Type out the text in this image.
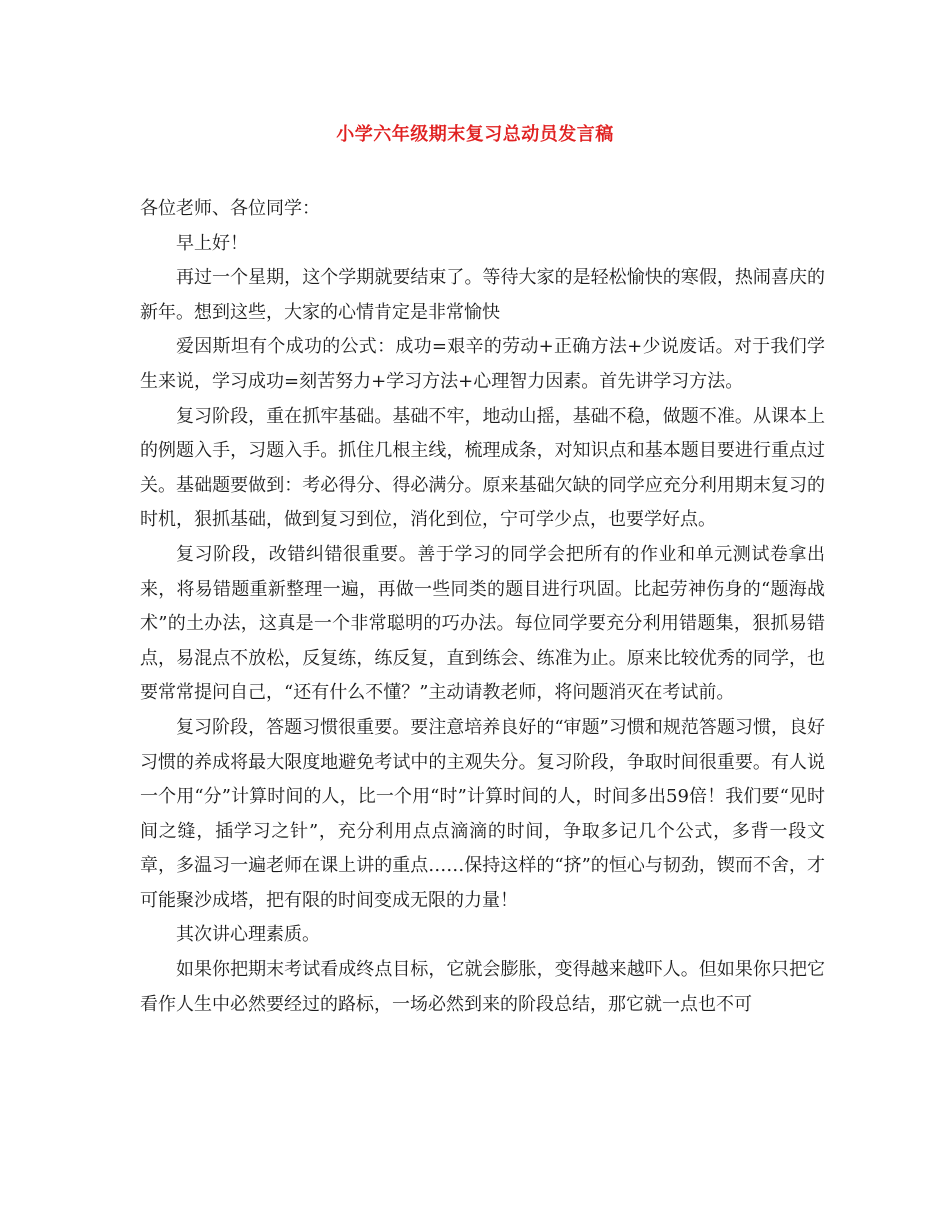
小学六年级期末复习总动员发言稿

各位老师、各位同学：

早上好！

再过一个星期，这个学期就要结束了。等待大家的是轻松愉快的寒假，热闹喜庆的新年。想到这些，大家的心情肯定是非常愉快

爱因斯坦有个成功的公式：成功=艰辛的劳动+正确方法+少说废话。对于我们学生来说，学习成功=刻苦努力+学习方法+心理智力因素。首先讲学习方法。

复习阶段，重在抓牢基础。基础不牢，地动山摇，基础不稳，做题不准。从课本上的例题入手，习题入手。抓住几根主线，梳理成条，对知识点和基本题目要进行重点过关。基础题要做到：考必得分、得必满分。原来基础欠缺的同学应充分利用期末复习的时机，狠抓基础，做到复习到位，消化到位，宁可学少点，也要学好点。

复习阶段，改错纠错很重要。善于学习的同学会把所有的作业和单元测试卷拿出来，将易错题重新整理一遍，再做一些同类的题目进行巩固。比起劳神伤身的“题海战术”的土办法，这真是一个非常聪明的巧办法。每位同学要充分利用错题集，狠抓易错点，易混点不放松，反复练，练反复，直到练会、练准为止。原来比较优秀的同学，也要常常提问自己，“还有什么不懂？”主动请教老师，将问题消灭在考试前。

复习阶段，答题习惯很重要。要注意培养良好的“审题”习惯和规范答题习惯，良好习惯的养成将最大限度地避免考试中的主观失分。复习阶段，争取时间很重要。有人说一个用“分”计算时间的人，比一个用“时”计算时间的人，时间多出59倍！我们要“见时间之缝，插学习之针”，充分利用点点滴滴的时间，争取多记几个公式，多背一段文章，多温习一遍老师在课上讲的重点……保持这样的“挤”的恒心与韧劲，锲而不舍，才可能聚沙成塔，把有限的时间变成无限的力量！

其次讲心理素质。

如果你把期末考试看成终点目标，它就会膨胀，变得越来越吓人。但如果你只把它看作人生中必然要经过的路标，一场必然到来的阶段总结，那它就一点也不可
